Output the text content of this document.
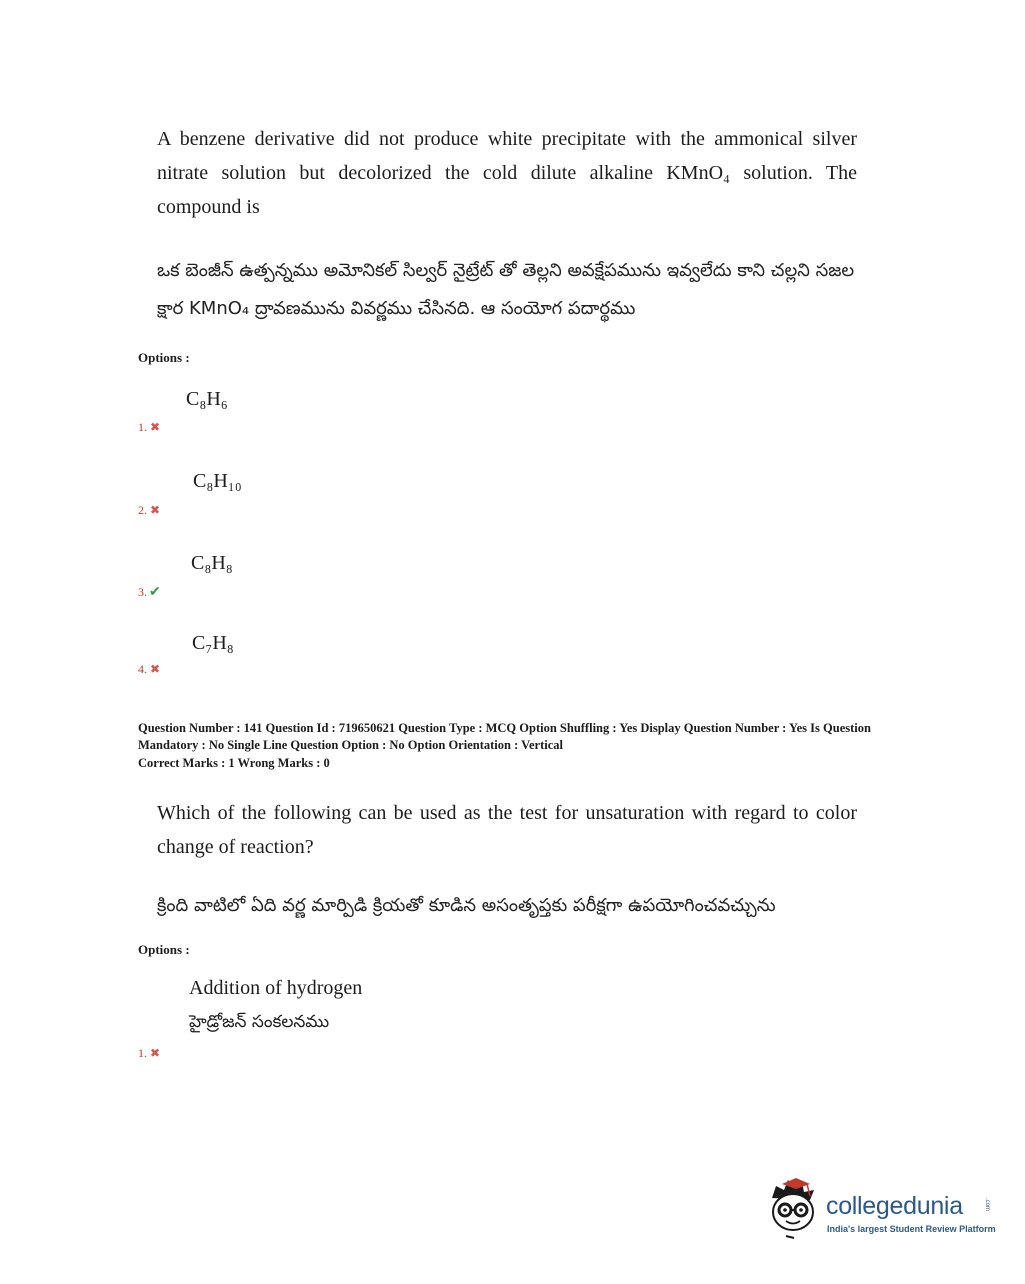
A benzene derivative did not produce white precipitate with the ammonical silver nitrate solution but decolorized the cold dilute alkaline KMnO₄ solution. The compound is
ఒక బెంజీన్ ఉత్పన్నము అమోనికల్ సిల్వర్ నైట్రేట్ తో తెల్లని అవక్షేపమును ఇవ్వలేదు కాని చల్లని సజల క్షార KMnO₄ ద్రావణమును వివర్ణము చేసినది. ఆ సంయోగ పదార్థము
Options :
C₈H₆
1. ✖
C₈H₁₀
2. ✖
C₈H₈
3. ✔
C₇H₈
4. ✖
Question Number : 141 Question Id : 719650621 Question Type : MCQ Option Shuffling : Yes Display Question Number : Yes Is Question Mandatory : No Single Line Question Option : No Option Orientation : Vertical
Correct Marks : 1 Wrong Marks : 0
Which of the following can be used as the test for unsaturation with regard to color change of reaction?
క్రింది వాటిలో ఏది వర్ణ మార్పిడి క్రియతో కూడిన అసంతృప్తకు పరీక్షగా ఉపయోగించవచ్చును
Options :
Addition of hydrogen
హైడ్రోజన్ సంకలనము
1. ✖
collegedunia	.com
India's largest Student Review Platform
